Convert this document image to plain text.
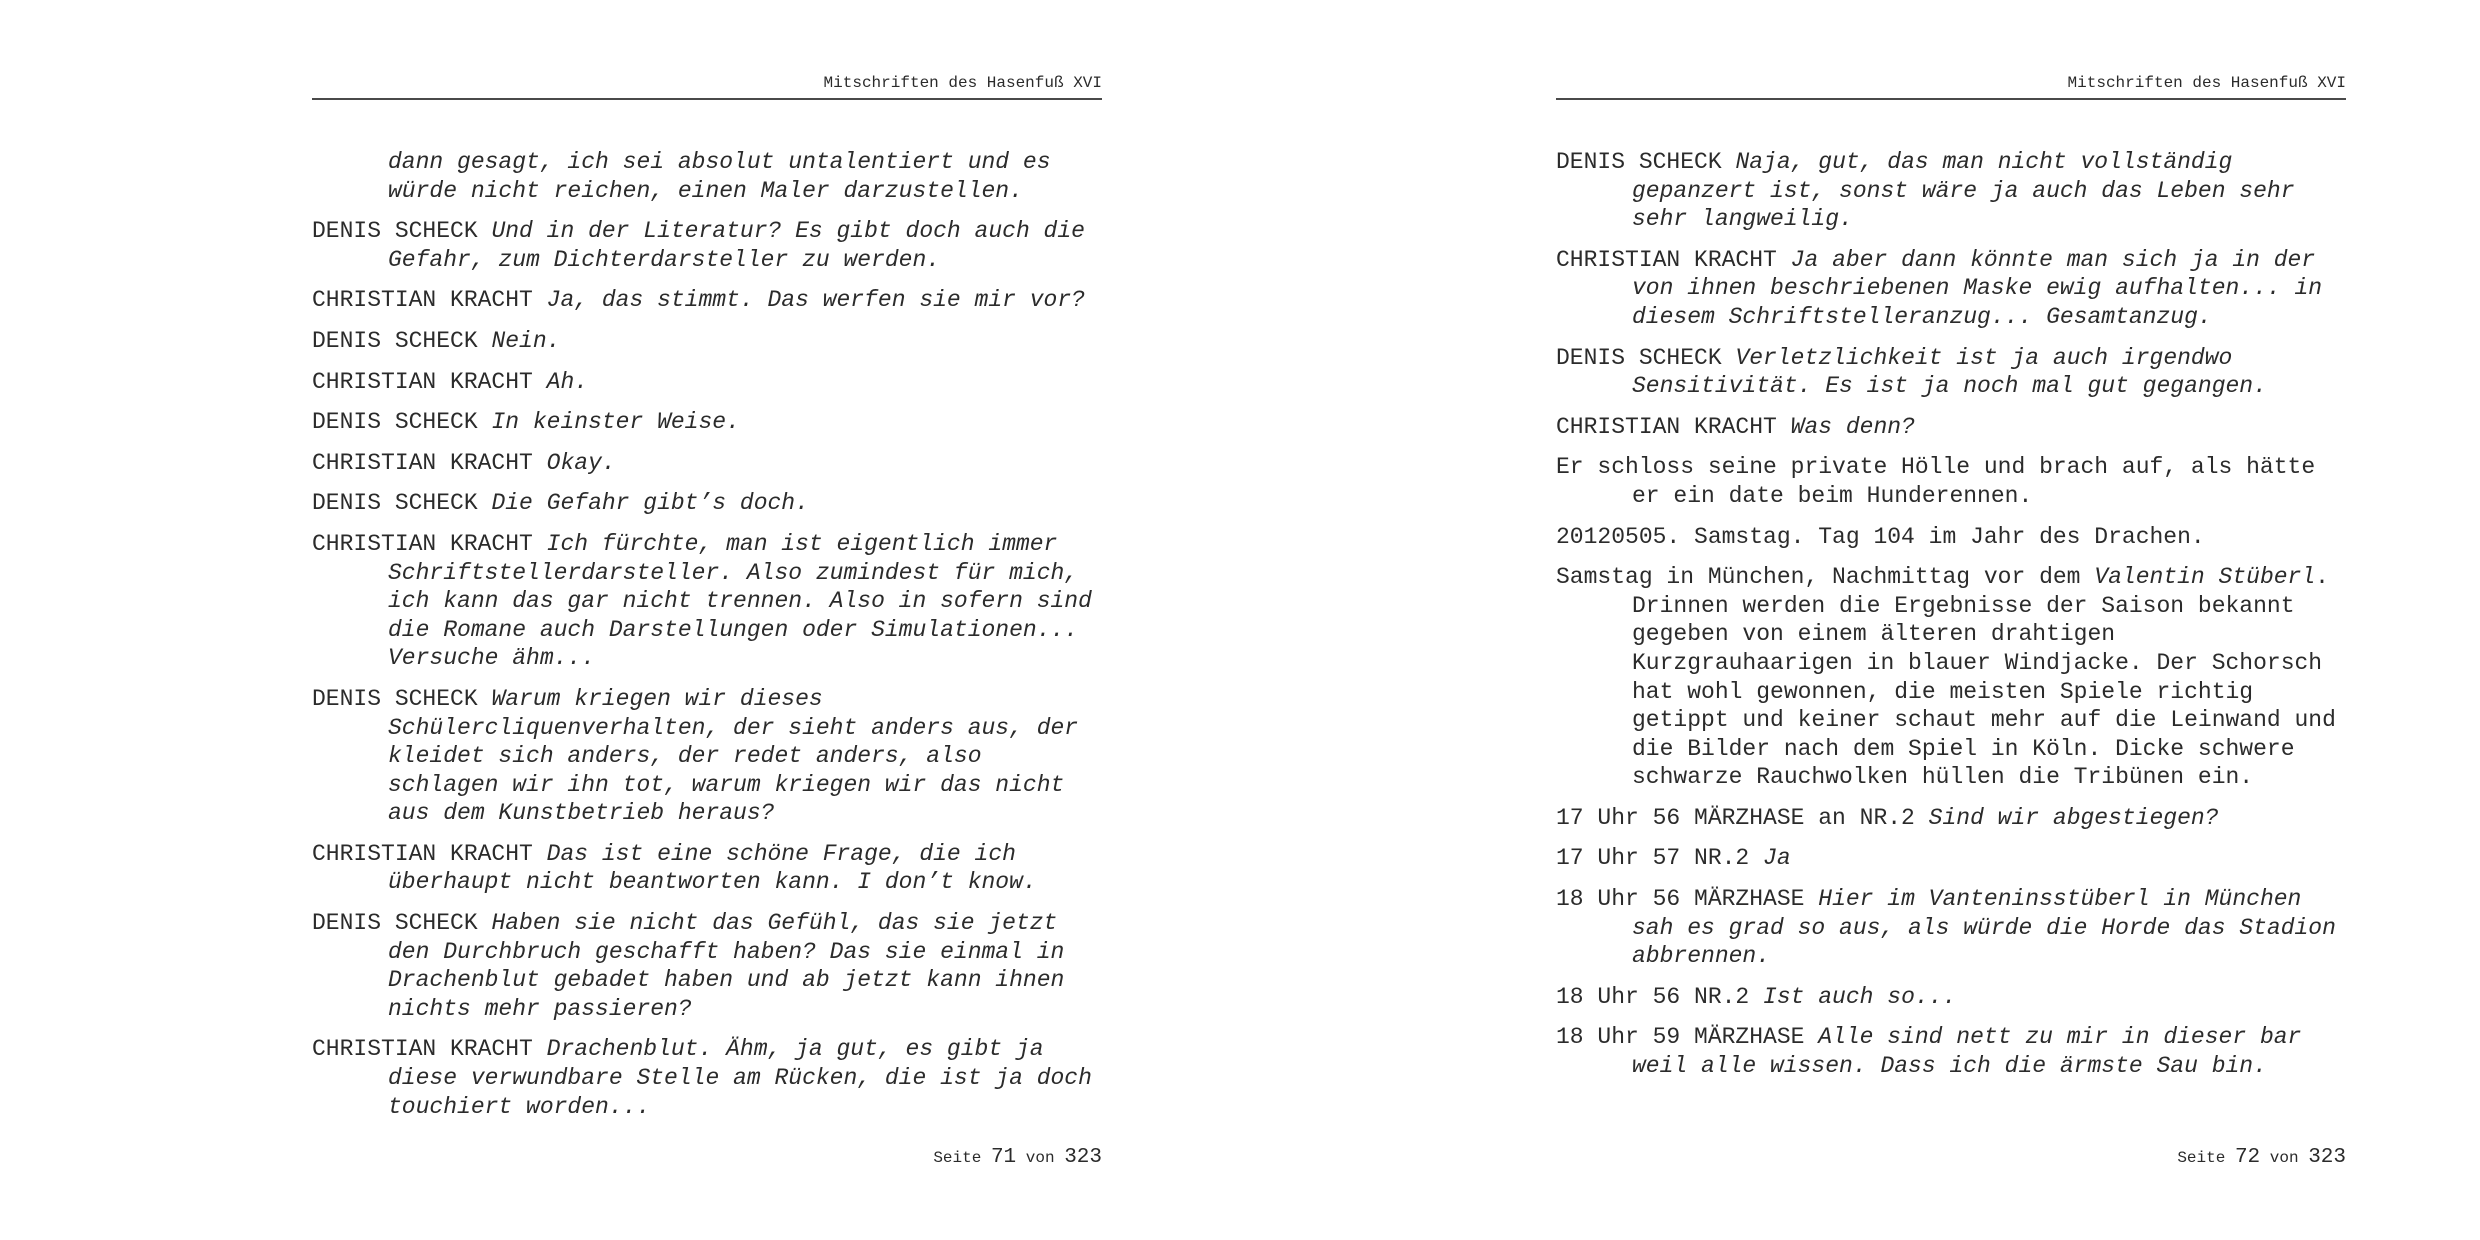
Mitschriften des Hasenfuß XVI

dann gesagt, ich sei absolut untalentiert und es würde nicht reichen, einen Maler darzustellen.

DENIS SCHECK Und in der Literatur? Es gibt doch auch die Gefahr, zum Dichterdarsteller zu werden.

CHRISTIAN KRACHT Ja, das stimmt. Das werfen sie mir vor?

DENIS SCHECK Nein.

CHRISTIAN KRACHT Ah.

DENIS SCHECK In keinster Weise.

CHRISTIAN KRACHT Okay.

DENIS SCHECK Die Gefahr gibt’s doch.

CHRISTIAN KRACHT Ich fürchte, man ist eigentlich immer Schriftstellerdarsteller. Also zumindest für mich, ich kann das gar nicht trennen. Also in sofern sind die Romane auch Darstellungen oder Simulationen... Versuche ähm...

DENIS SCHECK Warum kriegen wir dieses Schülercliquenverhalten, der sieht anders aus, der kleidet sich anders, der redet anders, also schlagen wir ihn tot, warum kriegen wir das nicht aus dem Kunstbetrieb heraus?

CHRISTIAN KRACHT Das ist eine schöne Frage, die ich überhaupt nicht beantworten kann. I don’t know.

DENIS SCHECK Haben sie nicht das Gefühl, das sie jetzt den Durchbruch geschafft haben? Das sie einmal in Drachenblut gebadet haben und ab jetzt kann ihnen nichts mehr passieren?

CHRISTIAN KRACHT Drachenblut. Ähm, ja gut, es gibt ja diese verwundbare Stelle am Rücken, die ist ja doch touchiert worden...

Seite 71 von 323
Mitschriften des Hasenfuß XVI

DENIS SCHECK Naja, gut, das man nicht vollständig gepanzert ist, sonst wäre ja auch das Leben sehr sehr langweilig.

CHRISTIAN KRACHT Ja aber dann könnte man sich ja in der von ihnen beschriebenen Maske ewig aufhalten... in diesem Schriftstelleranzug... Gesamtanzug.

DENIS SCHECK Verletzlichkeit ist ja auch irgendwo Sensitivität. Es ist ja noch mal gut gegangen.

CHRISTIAN KRACHT Was denn?

Er schloss seine private Hölle und brach auf, als hätte er ein date beim Hunderennen.

20120505. Samstag. Tag 104 im Jahr des Drachen.

Samstag in München, Nachmittag vor dem Valentin Stüberl. Drinnen werden die Ergebnisse der Saison bekannt gegeben von einem älteren drahtigen Kurzgrauhaarigen in blauer Windjacke. Der Schorsch hat wohl gewonnen, die meisten Spiele richtig getippt und keiner schaut mehr auf die Leinwand und die Bilder nach dem Spiel in Köln. Dicke schwere schwarze Rauchwolken hüllen die Tribünen ein.

17 Uhr 56 MÄRZHASE an NR.2 Sind wir abgestiegen?

17 Uhr 57 NR.2 Ja

18 Uhr 56 MÄRZHASE Hier im Vanteninsstüberl in München sah es grad so aus, als würde die Horde das Stadion abbrennen.

18 Uhr 56 NR.2 Ist auch so...

18 Uhr 59 MÄRZHASE Alle sind nett zu mir in dieser bar weil alle wissen. Dass ich die ärmste Sau bin.

Seite 72 von 323
